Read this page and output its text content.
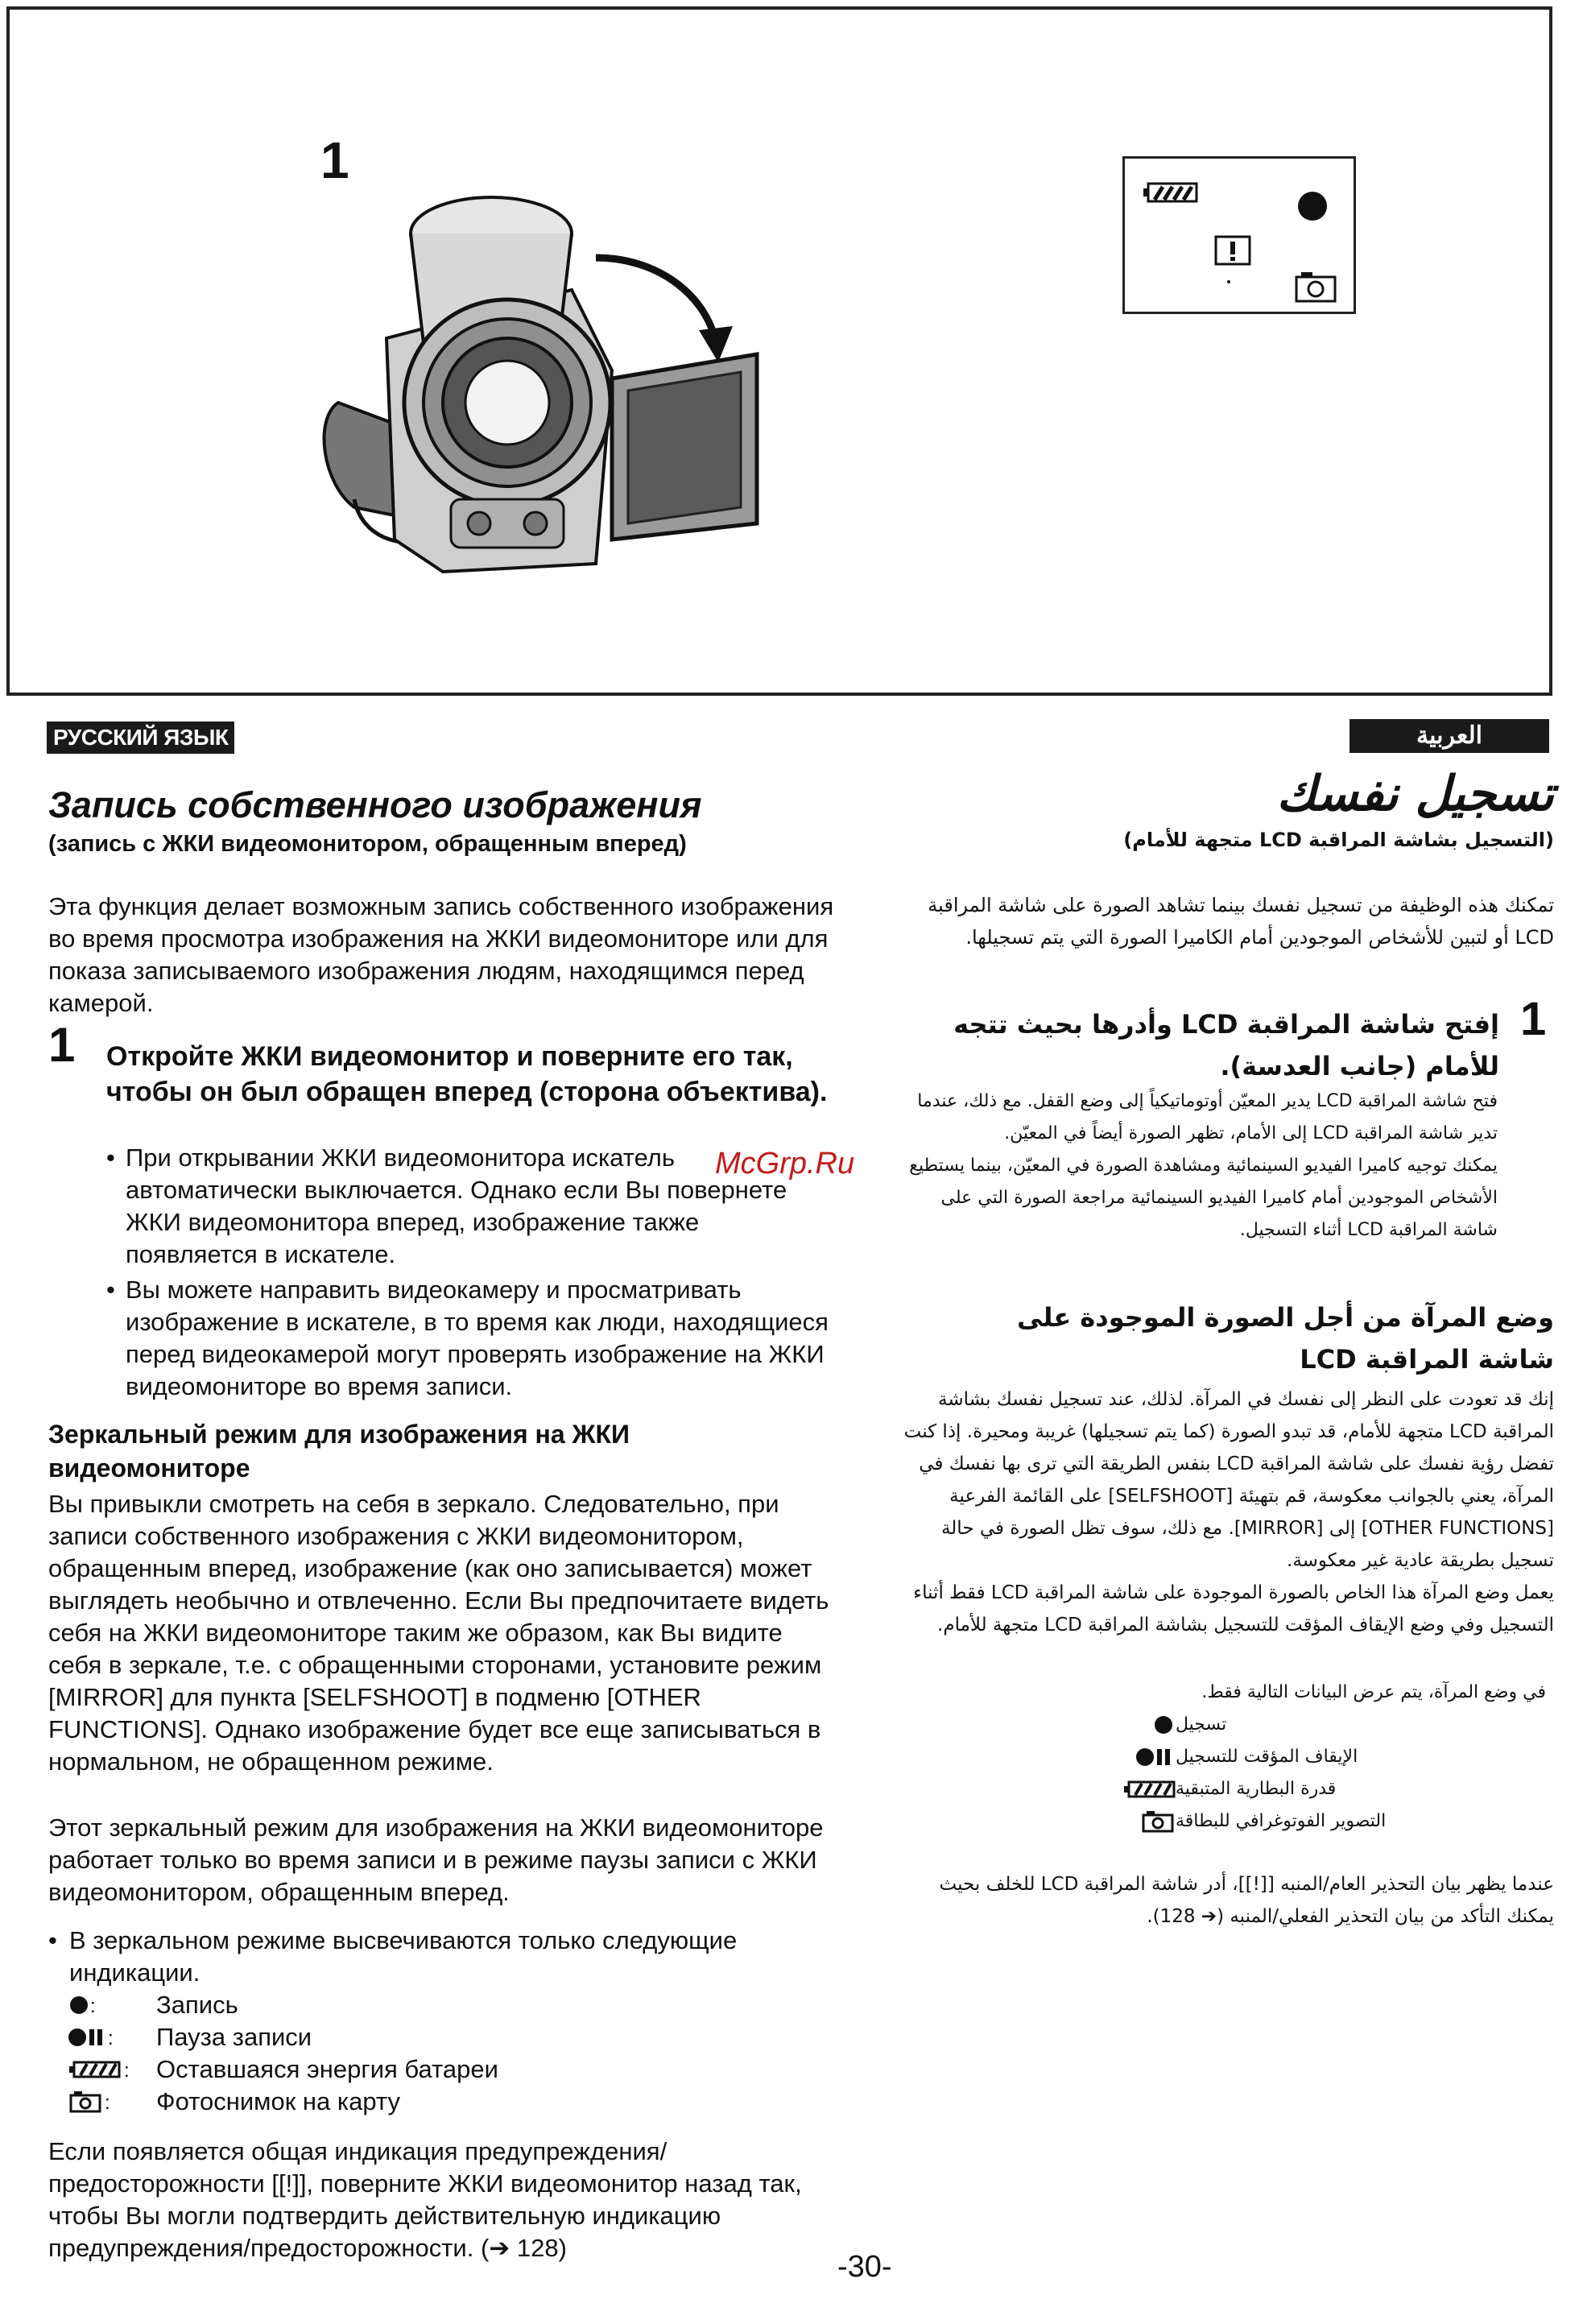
1
РУССКИЙ ЯЗЫК	العربية
Запись собственного изображения
(запись с ЖКИ видеомонитором, обращенным вперед)

Эта функция делает возможным запись собственного изображения во время просмотра изображения на ЖКИ видеомониторе или для показа записываемого изображения людям, находящимся перед камерой.

1 Откройте ЖКИ видеомонитор и поверните его так, чтобы он был обращен вперед (сторона объектива).

• При открывании ЖКИ видеомонитора искатель автоматически выключается. Однако если Вы повернете ЖКИ видеомонитора вперед, изображение также появляется в искателе.

• Вы можете направить видеокамеру и просматривать изображение в искателе, в то время как люди, находящиеся перед видеокамерой могут проверять изображение на ЖКИ видеомониторе во время записи.

Зеркальный режим для изображения на ЖКИ видеомониторе

Вы привыкли смотреть на себя в зеркало. Следовательно, при записи собственного изображения с ЖКИ видеомонитором, обращенным вперед, изображение (как оно записывается) может выглядеть необычно и отвлеченно. Если Вы предпочитаете видеть себя на ЖКИ видеомониторе таким же образом, как Вы видите себя в зеркале, т.е. с обращенными сторонами, установите режим [MIRROR] для пункта [SELFSHOOT] в подменю [OTHER FUNCTIONS]. Однако изображение будет все еще записываться в нормальном, не обращенном режиме.

Этот зеркальный режим для изображения на ЖКИ видеомониторе работает только во время записи и в режиме паузы записи с ЖКИ видеомонитором, обращенным вперед.

• В зеркальном режиме высвечиваются только следующие индикации.

: Запись
: Пауза записи
: Оставшаяся энергия батареи
: Фотоснимок на карту

Если появляется общая индикация предупреждения/предосторожности [[!]], поверните ЖКИ видеомонитор назад так, чтобы Вы могли подтвердить действительную индикацию предупреждения/предосторожности. (➔ 128)

McGrp.Ru
-30-
تسجيل نفسك
(التسجيل بشاشة المراقبة LCD متجهة للأمام)

تمكنك هذه الوظيفة من تسجيل نفسك بينما تشاهد الصورة على شاشة المراقبة LCD أو لتبين للأشخاص الموجودين أمام الكاميرا الصورة التي يتم تسجيلها.

1
إفتح شاشة المراقبة LCD وأدرها بحيث تتجه للأمام (جانب العدسة).

فتح شاشة المراقبة LCD يدير المعيّن أوتوماتيكياً إلى وضع القفل. مع ذلك، عندما تدير شاشة المراقبة LCD إلى الأمام، تظهر الصورة أيضاً في المعيّن.

يمكنك توجيه كاميرا الفيديو السينمائية ومشاهدة الصورة في المعيّن، بينما يستطيع الأشخاص الموجودين أمام كاميرا الفيديو السينمائية مراجعة الصورة التي على شاشة المراقبة LCD أثناء التسجيل.

وضع المرآة من أجل الصورة الموجودة على شاشة المراقبة LCD

إنك قد تعودت على النظر إلى نفسك في المرآة. لذلك، عند تسجيل نفسك بشاشة المراقبة LCD متجهة للأمام، قد تبدو الصورة (كما يتم تسجيلها) غريبة ومحيرة. إذا كنت تفضل رؤية نفسك على شاشة المراقبة LCD بنفس الطريقة التي ترى بها نفسك في المرآة، يعني بالجوانب معكوسة، قم بتهيئة [SELFSHOOT] على القائمة الفرعية [OTHER FUNCTIONS] إلى [MIRROR]. مع ذلك، سوف تظل الصورة في حالة تسجيل بطريقة عادية غير معكوسة.

يعمل وضع المرآة هذا الخاص بالصورة الموجودة على شاشة المراقبة LCD فقط أثناء التسجيل وفي وضع الإيقاف المؤقت للتسجيل بشاشة المراقبة LCD متجهة للأمام.

في وضع المرآة، يتم عرض البيانات التالية فقط.

تسجيل
الإيقاف المؤقت للتسجيل
قدرة البطارية المتبقية
التصوير الفوتوغرافي للبطاقة

عندما يظهر بيان التحذير العام/المنبه [[!]]، أدر شاشة المراقبة LCD للخلف بحيث يمكنك التأكد من بيان التحذير الفعلي/المنبه (➔ 128).
